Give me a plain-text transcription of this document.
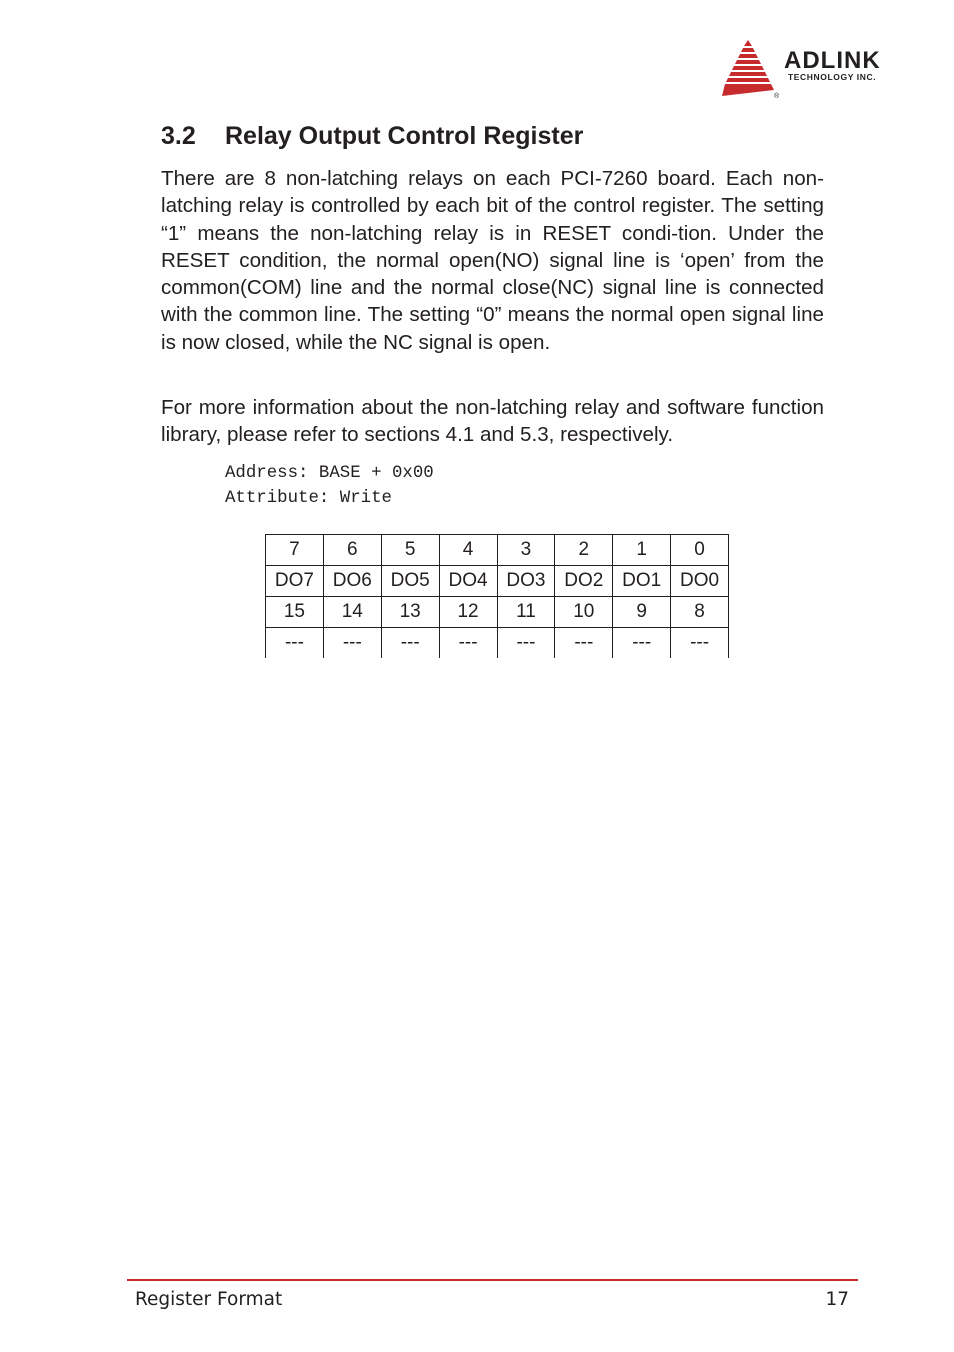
ADLINK
TECHNOLOGY INC.
®
3.2 Relay Output Control Register

There are 8 non-latching relays on each PCI-7260 board. Each non-latching relay is controlled by each bit of the control register. The setting “1” means the non-latching relay is in RESET condi-tion. Under the RESET condition, the normal open(NO) signal line is ‘open’ from the common(COM) line and the normal close(NC) signal line is connected with the common line. The setting “0” means the normal open signal line is now closed, while the NC signal is open.

For more information about the non-latching relay and software function library, please refer to sections 4.1 and 5.3, respectively.

Address: BASE + 0x00
Attribute: Write
7	6	5	4	3	2	1	0
DO7	DO6	DO5	DO4	DO3	DO2	DO1	DO0
15	14	13	12	11	10	9	8
---	---	---	---	---	---	---	---
Register Format	17
